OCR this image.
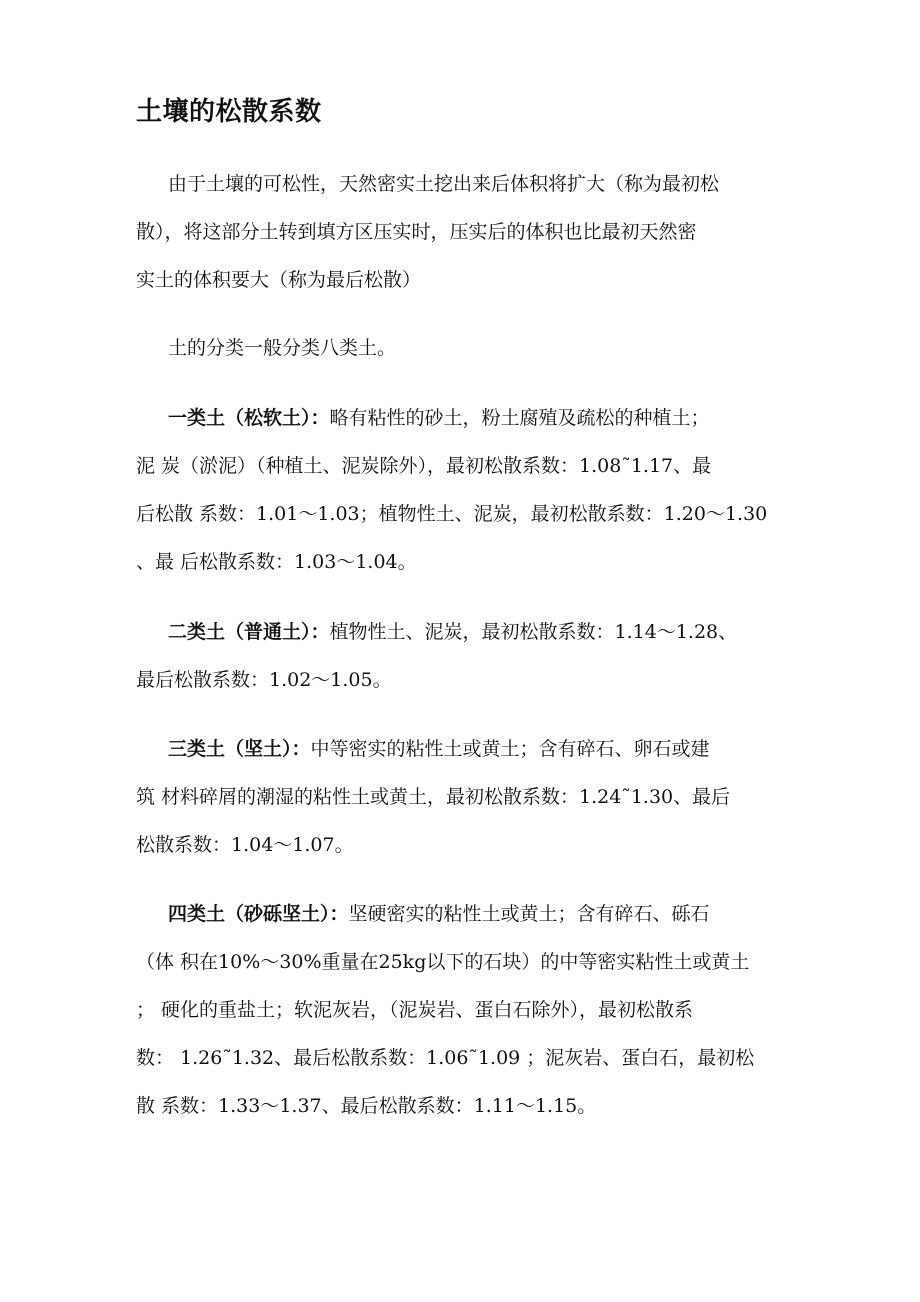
土壤的松散系数
由于土壤的可松性，天然密实土挖出来后体积将扩大（称为最初松
散），将这部分土转到填方区压实时，压实后的体积也比最初天然密
实土的体积要大（称为最后松散）
土的分类一般分类八类土。
一类土（松软土）：略有粘性的砂土，粉土腐殖及疏松的种植土；
泥 炭（淤泥）（种植土、泥炭除外），最初松散系数：1.08˜1.17、最
后松散 系数：1.01～1.03；植物性土、泥炭，最初松散系数：1.20～1.30
、最 后松散系数：1.03～1.04。
二类土（普通土）：植物性土、泥炭，最初松散系数：1.14～1.28、
最后松散系数：1.02～1.05。
三类土（坚土）：中等密实的粘性土或黄土；含有碎石、卵石或建
筑 材料碎屑的潮湿的粘性土或黄土，最初松散系数：1.24˜1.30、最后
松散系数：1.04～1.07。
四类土（砂砾坚土）：坚硬密实的粘性土或黄土；含有碎石、砾石
（体 积在10%～30%重量在25kg以下的石块）的中等密实粘性土或黄土
； 硬化的重盐土；软泥灰岩，（泥炭岩、蛋白石除外），最初松散系
数： 1.26˜1.32、最后松散系数：1.06˜1.09 ；泥灰岩、蛋白石，最初松
散 系数：1.33～1.37、最后松散系数：1.11～1.15。
